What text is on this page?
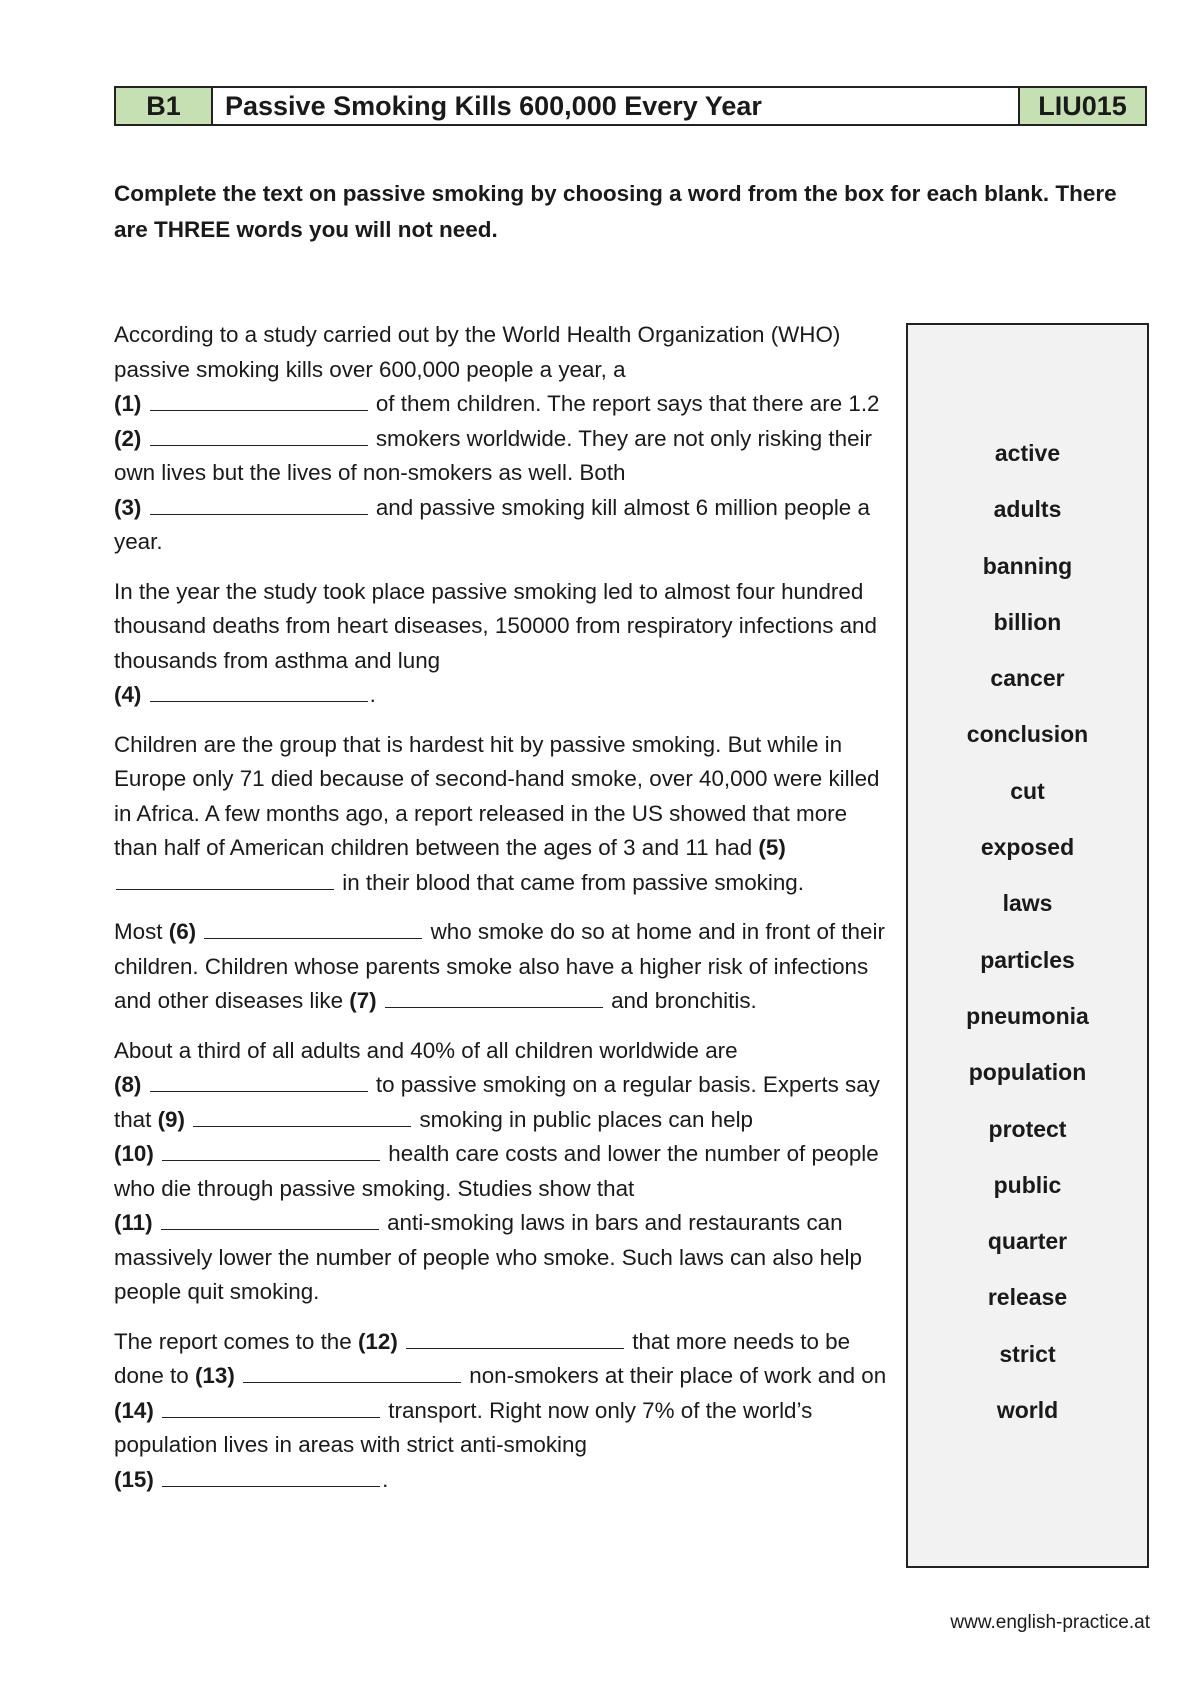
B1	Passive Smoking Kills 600,000 Every Year	LIU015
Complete the text on passive smoking by choosing a word from the box for each blank. There are THREE words you will not need.

According to a study carried out by the World Health Organization (WHO) passive smoking kills over 600,000 people a year, a
(1)	of them children. The report says that there are 1.2 (2)	smokers worldwide. They are not only risking their own lives but the lives of non-smokers as well. Both
(3)	and passive smoking kill almost 6 million people a year.

In the year the study took place passive smoking led to almost four hundred thousand deaths from heart diseases, 150000 from respiratory infections and thousands from asthma and lung
(4)	.

Children are the group that is hardest hit by passive smoking. But while in Europe only 71 died because of second-hand smoke, over 40,000 were killed in Africa. A few months ago, a report released in the US showed that more than half of American children between the ages of 3 and 11 had (5)  in their blood that came from passive smoking.

Most (6)	who smoke do so at home and in front of their children. Children whose parents smoke also have a higher risk of infections and other diseases like (7)	and bronchitis.

About a third of all adults and 40% of all children worldwide are
(8)	to passive smoking on a regular basis. Experts say that (9)	smoking in public places can help
(10)	health care costs and lower the number of people who die through passive smoking. Studies show that
(11)	anti-smoking laws in bars and restaurants can massively lower the number of people who smoke. Such laws can also help people quit smoking.

The report comes to the (12)	that more needs to be done to (13)	non-smokers at their place of work and on (14)	transport. Right now only 7% of the world’s population lives in areas with strict anti-smoking
(15)	.

active
adults
banning
billion
cancer
conclusion
cut
exposed
laws
particles
pneumonia
population
protect
public
quarter
release
strict
world
www.english-practice.at
